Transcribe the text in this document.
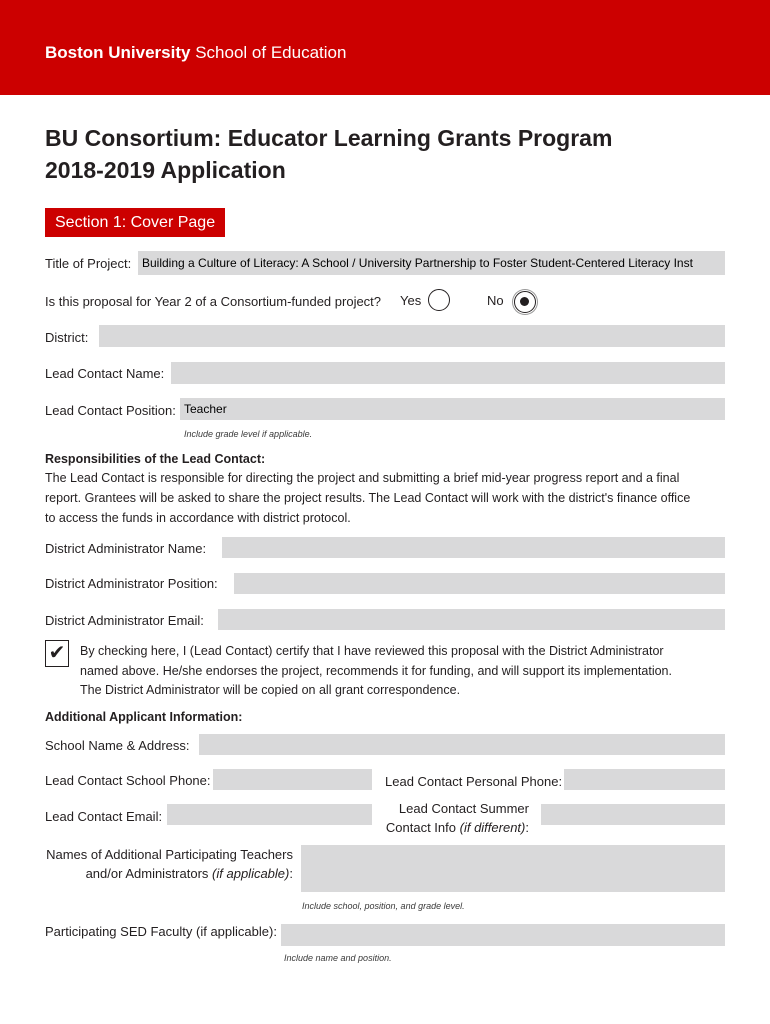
Boston University School of Education
BU Consortium: Educator Learning Grants Program
2018-2019 Application
Section 1: Cover Page
Title of Project: Building a Culture of Literacy: A School / University Partnership to Foster Student-Centered Literacy Inst
Is this proposal for Year 2 of a Consortium-funded project? Yes	No
District:
Lead Contact Name:
Lead Contact Position: Teacher
Include grade level if applicable.
Responsibilities of the Lead Contact:
The Lead Contact is responsible for directing the project and submitting a brief mid-year progress report and a final
report. Grantees will be asked to share the project results. The Lead Contact will work with the district's finance office
to access the funds in accordance with district protocol.
District Administrator Name:
District Administrator Position:
District Administrator Email:
✔ By checking here, I (Lead Contact) certify that I have reviewed this proposal with the District Administrator
named above. He/she endorses the project, recommends it for funding, and will support its implementation.
The District Administrator will be copied on all grant correspondence.
Additional Applicant Information:
School Name & Address:
Lead Contact School Phone:	Lead Contact Personal Phone:
Lead Contact Email:
Lead Contact Summer
Contact Info (if different):
Names of Additional Participating Teachers
and/or Administrators (if applicable):
Include school, position, and grade level.
Participating SED Faculty (if applicable):
Include name and position.
